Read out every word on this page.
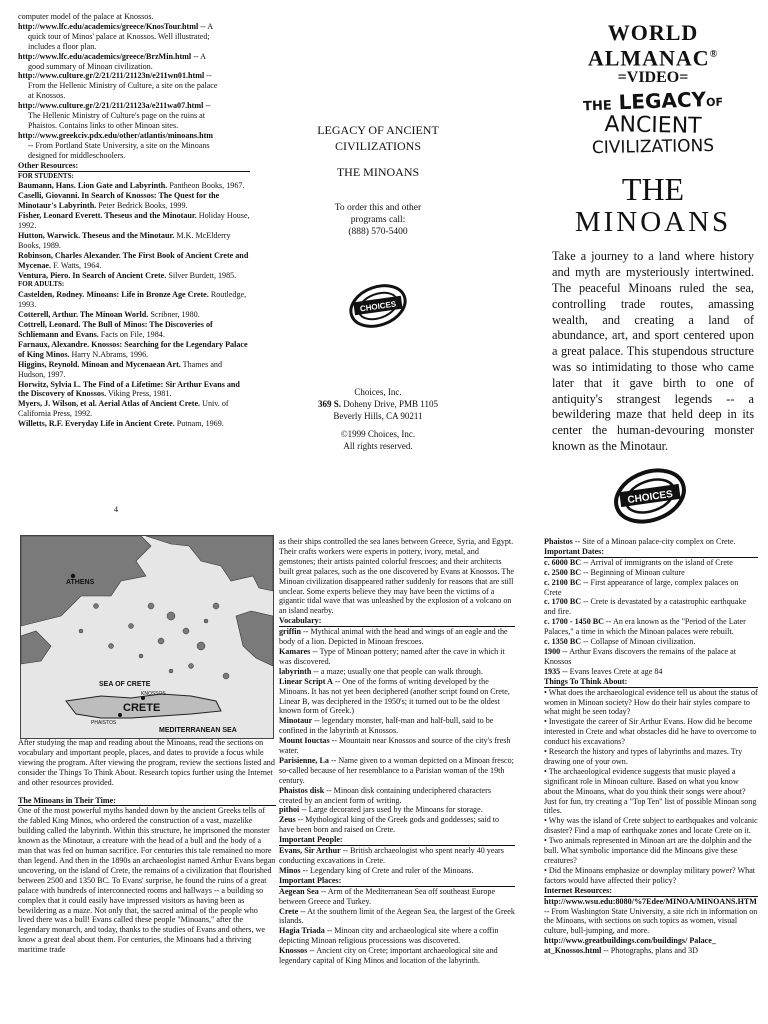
computer model of the palace at Knossos.

http://www.lfc.edu/academics/greece/KnosTour.html -- A

quick tour of Minos' palace at Knossos. Well illustrated;

includes a floor plan.

http://www.lfc.edu/academics/greece/BrzMin.html -- A

good summary of Minoan civilization.

http://www.culture.gr/2/21/211/21123n/e211wn01.html --

From the Hellenic Ministry of Culture, a site on the palace

at Knossos.

http://www.culture.gr/2/21/211/21123a/e211wa07.html --

The Hellenic Ministry of Culture's page on the ruins at

Phaistos. Contains links to other Minoan sites.

http://www.greekciv.pdx.edu/other/atlantis/minoans.htm

-- From Portland State University, a site on the Minoans

designed for middleschoolers.

Other Resources:

FOR STUDENTS:

Baumann, Hans. Lion Gate and Labyrinth. Pantheon Books, 1967.

Caselli, Giovanni. In Search of Knossos: The Quest for the Minotaur's Labyrinth. Peter Bedrick Books, 1999.

Fisher, Leonard Everett. Theseus and the Minotaur. Holiday House, 1992.

Hutton, Warwick. Theseus and the Minotaur. M.K. McElderry Books, 1989.

Robinson, Charles Alexander. The First Book of Ancient Crete and Mycenae. F. Watts, 1964.

Ventura, Piero. In Search of Ancient Crete. Silver Burdett, 1985.

FOR ADULTS:

Castelden, Rodney. Minoans: Life in Bronze Age Crete. Routledge, 1993.

Cotterell, Arthur. The Minoan World. Scribner, 1980.

Cottrell, Leonard. The Bull of Minos: The Discoveries of Schliemann and Evans. Facts on File, 1984.

Farnaux, Alexandre. Knossos: Searching for the Legendary Palace of King Minos. Harry N.Abrams, 1996.

Higgins, Reynold. Minoan and Mycenaean Art. Thames and Hudson, 1997.

Horwitz, Sylvia L. The Find of a Lifetime: Sir Arthur Evans and the Discovery of Knossos. Viking Press, 1981.

Myers, J. Wilson, et al. Aerial Atlas of Ancient Crete. Univ. of California Press, 1992.

Willetts, R.F. Everyday Life in Ancient Crete. Putnam, 1969.

4

LEGACY OF ANCIENT

CIVILIZATIONS

THE MINOANS

To order this and other

programs call:

(888) 570-5400

CHOICES

Choices, Inc.

369 S. Doheny Drive, PMB 1105

Beverly Hills, CA 90211

©1999 Choices, Inc.

All rights reserved.

WORLD
ALMANAC®
=VIDEO=
THE LEGACYOF
ANCIENT
CIVILIZATIONS
THE
MINOANS

Take a journey to a land where history and myth are mysteriously intertwined. The peaceful Minoans ruled the sea, controlling trade routes, amassing wealth, and creating a land of abundance, art, and sport centered upon a great palace. This stupendous structure was so intimidating to those who came later that it gave birth to one of antiquity's strangest legends -- a bewildering maze that held deep in its center the human-devouring monster known as the Minotaur.

CHOICES
ATHENS
SEA OF CRETE
KNOSSOS
CRETE
PHAISTOS
MEDITERRANEAN SEA

After studying the map and reading about the Minoans, read the sections on vocabulary and important people, places, and dates to provide a focus while viewing the program. After viewing the program, review the sections listed and consider the Things To Think About. Research topics further using the Internet and other resources provided.

The Minoans in Their Time:

One of the most powerful myths handed down by the ancient Greeks tells of the fabled King Minos, who ordered the construction of a vast, mazelike building called the labyrinth. Within this structure, he imprisoned the monster known as the Minotaur, a creature with the head of a bull and the body of a man that was fed on human sacrifice. For centuries this tale remained no more than legend. And then in the 1890s an archaeologist named Arthur Evans began uncovering, on the island of Crete, the remains of a civilization that flourished between 2500 and 1350 BC. To Evans' surprise, he found the ruins of a great palace with hundreds of interconnected rooms and hallways -- a building so complex that it could easily have impressed visitors as having been as bewildering as a maze. Not only that, the sacred animal of the people who lived there was a bull! Evans called these people "Minoans," after the legendary monarch, and today, thanks to the studies of Evans and others, we know a great deal about them. For centuries, the Minoans had a thriving maritime trade

as their ships controlled the sea lanes between Greece, Syria, and Egypt. Their crafts workers were experts in pottery, ivory, metal, and gemstones; their artists painted colorful frescoes; and their architects built great palaces, such as the one discovered by Evans at Knossos. The Minoan civilization disappeared rather suddenly for reasons that are still unclear. Some experts believe they may have been the victims of a gigantic tidal wave that was unleashed by the explosion of a volcano on an island nearby.

Vocabulary:

griffin -- Mythical animal with the head and wings of an eagle and the body of a lion. Depicted in Minoan frescoes.

Kamares -- Type of Minoan pottery; named after the cave in which it was discovered.

labyrinth -- a maze; usually one that people can walk through.

Linear Script A -- One of the forms of writing developed by the Minoans. It has not yet been deciphered (another script found on Crete, Linear B, was deciphered in the 1950's; it turned out to be the oldest known form of Greek.)

Minotaur -- legendary monster, half-man and half-bull, said to be confined in the labyrinth at Knossos.

Mount Iouctas -- Mountain near Knossos and source of the city's fresh water.

Parisienne, La -- Name given to a woman depicted on a Minoan fresco; so-called because of her resemblance to a Parisian woman of the 19th century.

Phaistos disk -- Minoan disk containing undeciphered characters created by an ancient form of writing.

pithoi -- Large decorated jars used by the Minoans for storage.

Zeus -- Mythological king of the Greek gods and goddesses; said to have been born and raised on Crete.

Important People:

Evans, Sir Arthur -- British archaeologist who spent nearly 40 years conducting excavations in Crete.

Minos -- Legendary king of Crete and ruler of the Minoans.

Important Places:

Aegean Sea -- Arm of the Mediterranean Sea off southeast Europe between Greece and Turkey.

Crete -- At the southern limit of the Aegean Sea, the largest of the Greek islands.

Hagia Triada -- Minoan city and archaeological site where a coffin depicting Minoan religious processions was discovered.

Knossos -- Ancient city on Crete; important archaeological site and legendary capital of King Minos and location of the labyrinth.

Phaistos -- Site of a Minoan palace-city complex on Crete.

Important Dates:

c. 6000 BC -- Arrival of immigrants on the island of Crete

c. 2500 BC -- Beginning of Minoan culture

c. 2100 BC -- First appearance of large, complex palaces on Crete

c. 1700 BC -- Crete is devastated by a catastrophic earthquake and fire.

c. 1700 - 1450 BC -- An era known as the "Period of the Later Palaces," a time in which the Minoan palaces were rebuilt.

c. 1350 BC -- Collapse of Minoan civilization.

1900 -- Arthur Evans discovers the remains of the palace at Knossos

1935 -- Evans leaves Crete at age 84

Things To Think About:

• What does the archaeological evidence tell us about the status of women in Minoan society? How do their hair styles compare to what might be seen today?

• Investigate the career of Sir Arthur Evans. How did he become interested in Crete and what obstacles did he have to overcome to conduct his excavations?

• Research the history and types of labyrinths and mazes. Try drawing one of your own.

• The archaeological evidence suggests that music played a significant role in Minoan culture. Based on what you know about the Minoans, what do you think their songs were about? Just for fun, try creating a "Top Ten" list of possible Minoan song titles.

• Why was the island of Crete subject to earthquakes and volcanic disaster? Find a map of earthquake zones and locate Crete on it.

• Two animals represented in Minoan art are the dolphin and the bull. What symbolic importance did the Minoans give these creatures?

• Did the Minoans emphasize or downplay military power? What factors would have affected their policy?

Internet Resources:

http://www.wsu.edu:8080/%7Edee/MINOA/MINOANS.HTM -- From Washington State University, a site rich in information on the Minoans, with sections on such topics as women, visual culture, bull-jumping, and more.

http://www.greatbuildings.com/buildings/ Palace_ at_Knossos.html -- Photographs, plans and 3D
